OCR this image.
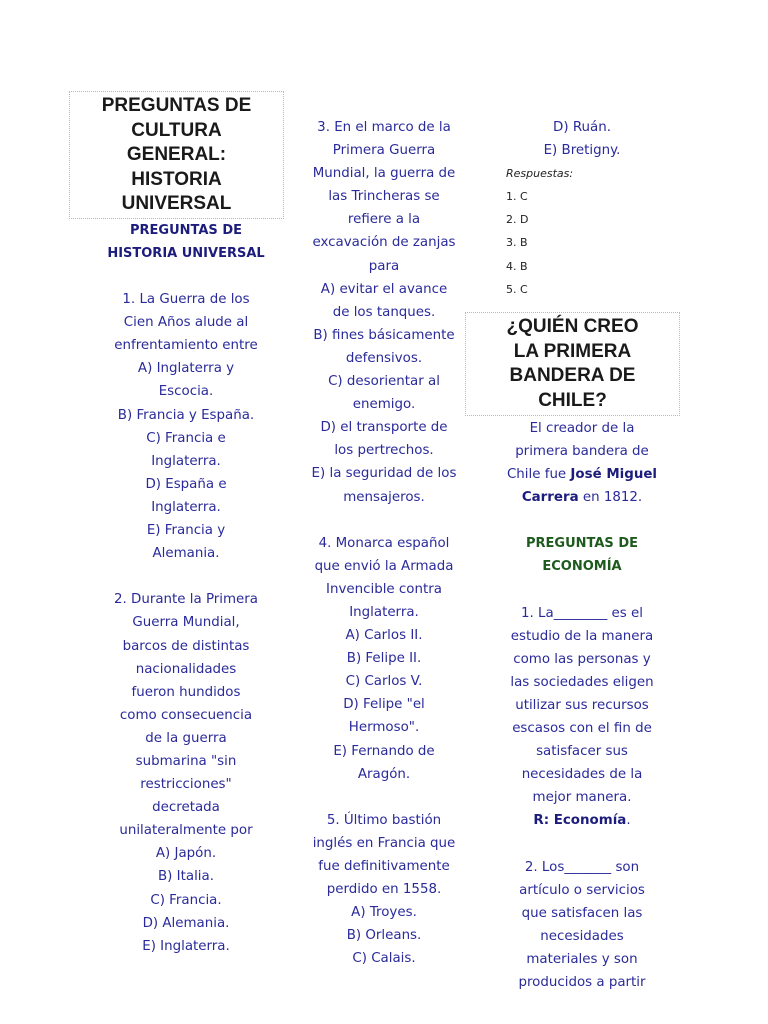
PREGUNTAS DE
CULTURA
GENERAL:
HISTORIA
UNIVERSAL
PREGUNTAS DE
HISTORIA UNIVERSAL
1. La Guerra de los
Cien Años alude al
enfrentamiento entre
A) Inglaterra y
Escocia.
B) Francia y España.
C) Francia e
Inglaterra.
D) España e
Inglaterra.
E) Francia y
Alemania.
2. Durante la Primera
Guerra Mundial,
barcos de distintas
nacionalidades
fueron hundidos
como consecuencia
de la guerra
submarina "sin
restricciones"
decretada
unilateralmente por
A) Japón.
B) Italia.
C) Francia.
D) Alemania.
E) Inglaterra.
3. En el marco de la
Primera Guerra
Mundial, la guerra de
las Trincheras se
refiere a la
excavación de zanjas
para
A) evitar el avance
de los tanques.
B) fines básicamente
defensivos.
C) desorientar al
enemigo.
D) el transporte de
los pertrechos.
E) la seguridad de los
mensajeros.
4. Monarca español
que envió la Armada
Invencible contra
Inglaterra.
A) Carlos II.
B) Felipe II.
C) Carlos V.
D) Felipe "el
Hermoso".
E) Fernando de
Aragón.
5. Último bastión
inglés en Francia que
fue definitivamente
perdido en 1558.
A) Troyes.
B) Orleans.
C) Calais.
D) Ruán.
E) Bretigny.
Respuestas:
1. C
2. D
3. B
4. B
5. C
¿QUIÉN CREO
LA PRIMERA
BANDERA DE
CHILE?
El creador de la
primera bandera de
Chile fue José Miguel
Carrera en 1812.
PREGUNTAS DE
ECONOMÍA
1. La________ es el
estudio de la manera
como las personas y
las sociedades eligen
utilizar sus recursos
escasos con el fin de
satisfacer sus
necesidades de la
mejor manera.
R: Economía.
2. Los_______ son
artículo o servicios
que satisfacen las
necesidades
materiales y son
producidos a partir
